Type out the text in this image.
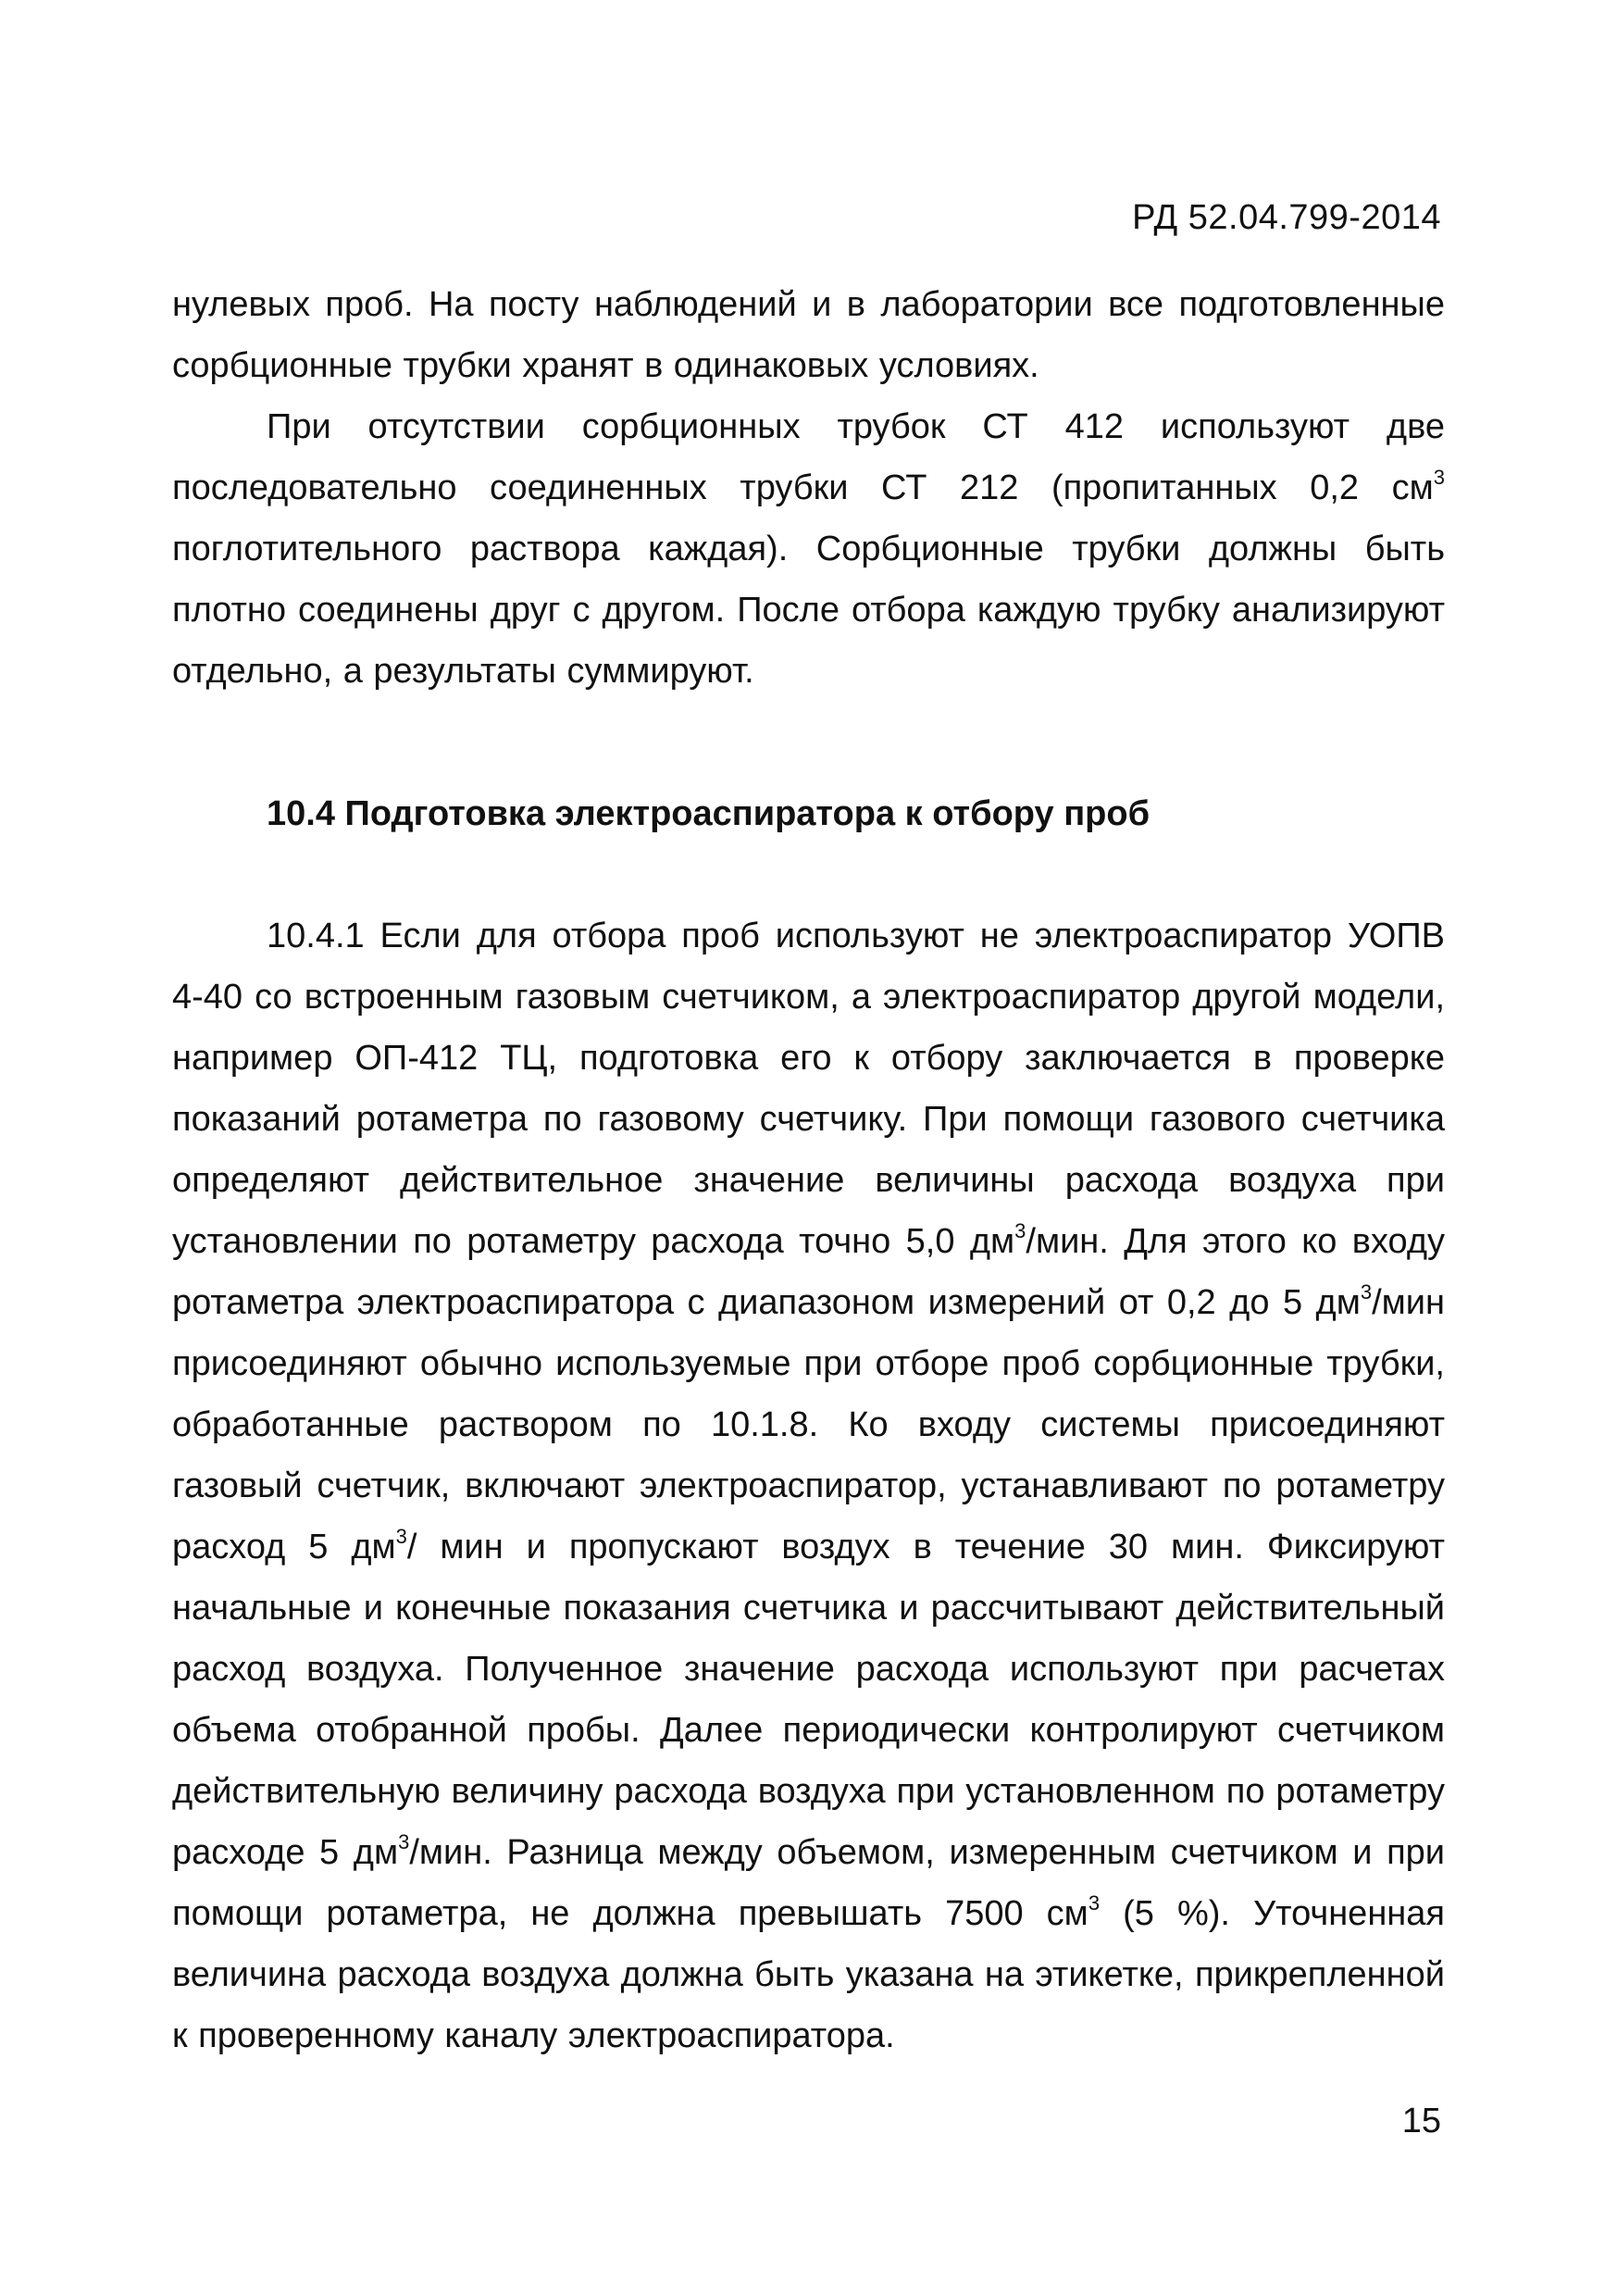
РД 52.04.799-2014

нулевых проб. На посту наблюдений и в лаборатории все подготовленные сорбционные трубки хранят в одинаковых условиях.

При отсутствии сорбционных трубок СТ 412 используют две последовательно соединенных трубки СТ 212 (пропитанных 0,2 $см^3$ поглотительного раствора каждая). Сорбционные трубки должны быть плотно соединены друг с другом. После отбора каждую трубку анализируют отдельно, а результаты суммируют.

10.4 Подготовка электроаспиратора к отбору проб

10.4.1 Если для отбора проб используют не электроаспиратор УОПВ 4-40 со встроенным газовым счетчиком, а электроаспиратор другой модели, например ОП-412 ТЦ, подготовка его к отбору заключается в проверке показаний ротаметра по газовому счетчику. При помощи газового счетчика определяют действительное значение величины расхода воздуха при установлении по ротаметру расхода точно 5,0 $дм^3$/мин. Для этого ко входу ротаметра электроаспиратора с диапазоном измерений от 0,2 до 5 $дм^3$/мин присоединяют обычно используемые при отборе проб сорбционные трубки, обработанные раствором по 10.1.8. Ко входу системы присоединяют газовый счетчик, включают электроаспиратор, устанавливают по ротаметру расход 5 $дм^3/$ мин и пропускают воздух в течение 30 мин. Фиксируют начальные и конечные показания счетчика и рассчитывают действительный расход воздуха. Полученное значение расхода используют при расчетах объема отобранной пробы. Далее периодически контролируют счетчиком действительную величину расхода воздуха при установленном по ротаметру расходе 5 $дм^3$/мин. Разница между объемом, измеренным счетчиком и при помощи ротаметра, не должна превышать 7500 $см^3$ (5 %). Уточненная величина расхода воздуха должна быть указана на этикетке, прикрепленной к проверенному каналу электроаспиратора.

15
